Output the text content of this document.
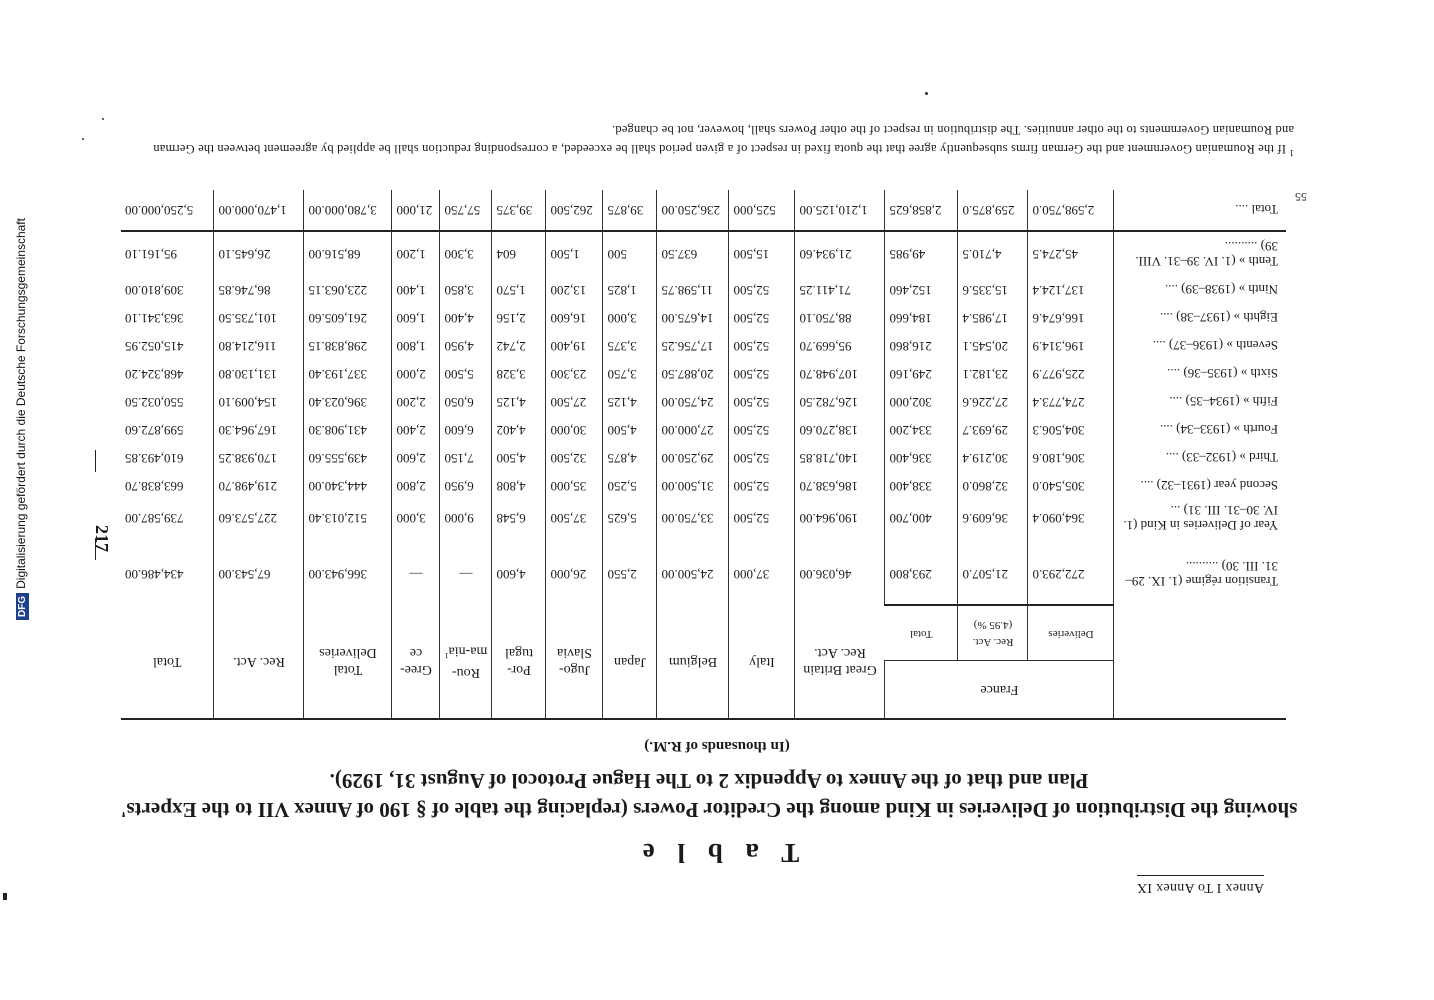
Annex I To Annex IX
T a b l e
showing the Distribution of Deliveries in Kind among the Creditor Powers (replacing the table of § 190 of Annex VII to the Experts'
Plan and that of the Annex to Appendix 2 to The Hague Protocol of August 31, 1929).
(In thousands of R.M.)
217
55
	France			Great Britain Rec. Act.	Italy	Belgium	Japan	Jugo-Slavia	Por-tugal	Rou-ma-nia$^1$	Gree-ce	Total Deliveries	Rec. Act.	Total
	Deliveries	Rec. Act. (4.95 %)	Total											
Transition régime (1. IX. 29–31. III. 30) ..........	272,293.0	21,507.0	293,800	46,036.00	37,000	24,500.00	2,550	26,000	4,600	—	—	366,943.00	67,543.00	434,486.00

Year of Deliveries in Kind (1. IV. 30–31. III. 31) ...	364,090.4	36,609.6	400,700	190,964.00	52,500	33,750.00	5,625	37,500	6,548	9,000	3,000	512,013.40	227,573.60	739,587.00
Second year (1931–32) ....	305,540.0	32,860.0	338,400	186,638.70	52,500	31,500.00	5,250	35,000	4,808	6,950	2,800	444,340.00	219,498.70	663,838.70
Third » (1932–33) ....	306,180.6	30,219.4	336,400	140,718.85	52,500	29,250.00	4,875	32,500	4,500	7,150	2,600	439,555.60	170,938.25	610,493.85
Fourth » (1933–34) ....	304,506.3	29,693.7	334,200	138,270.60	52,500	27,000.00	4,500	30,000	4,402	6,600	2,400	431,908.30	167,964.30	599,872.60
Fifth » (1934–35) ....	274,773.4	27,226.6	302,000	126,782.50	52,500	24,750.00	4,125	27,500	4,125	6,050	2,200	396,023.40	154,009.10	550,032.50
Sixth » (1935–36) ....	225,977.9	23,182.1	249,160	107,948.70	52,500	20,887.50	3,750	23,300	3,328	5,500	2,000	337,193.40	131,130.80	468,324.20
Seventh » (1936–37) ....	196,314.9	20,545.1	216,860	95,669.70	52,500	17,756.25	3,375	19,400	2,742	4,950	1,800	298,838.15	116,214.80	415,052.95
Eighth » (1937–38) ....	166,674.6	17,985.4	184,660	88,750.10	52,500	14,675.00	3,000	16,600	2,156	4,400	1,600	261,605.60	101,735.50	363,341.10
Ninth » (1938–39) ....	137,124.4	15,335.6	152,460	71,411.25	52,500	11,598.75	1,825	13,200	1,570	3,850	1,400	223,063.15	86,746.85	309,810.00
Tenth » (1. IV. 39–31. VIII. 39) ..........	45,274.5	4,710.5	49,985	21,934.60	15,500	637.50	500	1,500	604	3,300	1,200	68,516.00	26,645.10	95,161.10
Total ....	2,598,750.0	259,875.0	2,858,625	1,210,125.00	525,000	236,250.00	39,875	262,500	39,375	57,750	21,000	3,780,000.00	1,470,000.00	5,250,000.00
$^1$ If the Roumanian Government and the German firms subsequently agree that the quota fixed in respect of a given period shall be exceeded, a corresponding reduction shall be applied by agreement between the German and Roumanian Governments to the other annuities. The distribution in respect of the other Powers shall, however, not be changed.
DFGDigitalisierung gefördert durch die Deutsche Forschungsgemeinschaft
